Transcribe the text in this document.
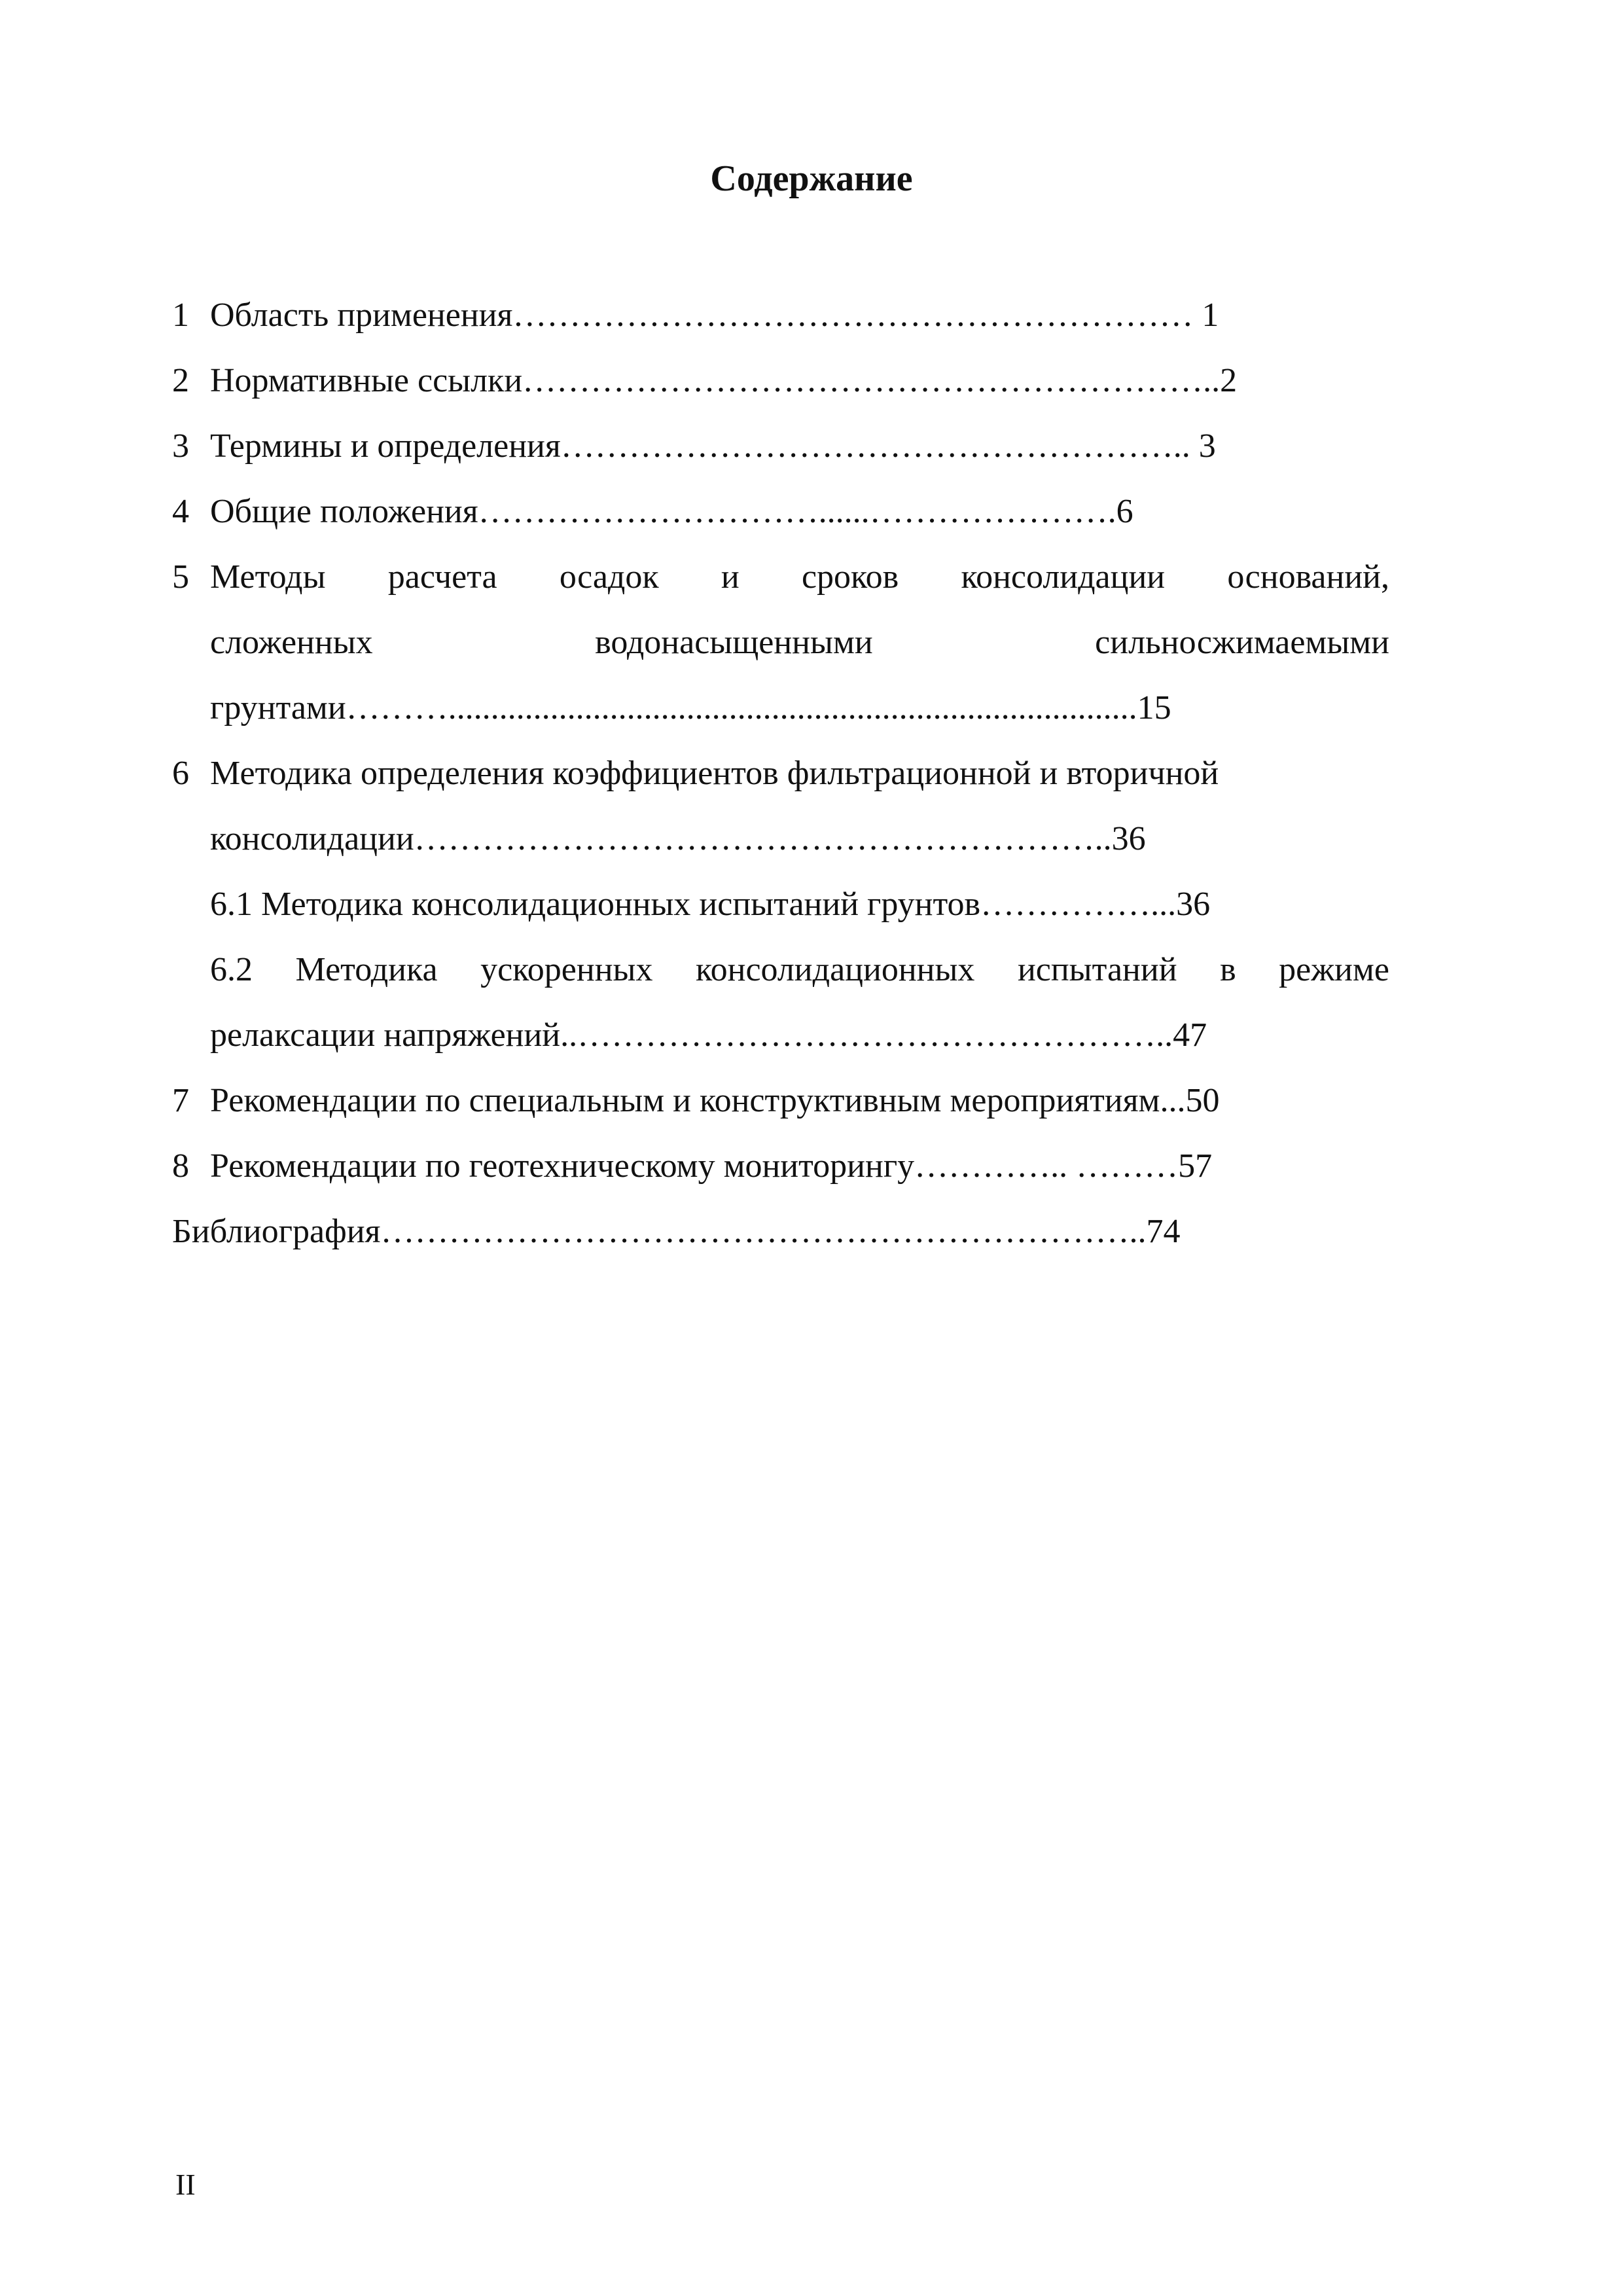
Содержание
1 Область применения…………………………………………………… 1
2 Нормативные ссылки……………………………………………………..2
3 Термины и определения……………………………………………….. 3
4 Общие положения…………………………......………………….6
5 Методы расчета осадок и сроков консолидации оснований,
сложенных водонасыщенными сильносжимаемыми
грунтами……….................................................................................15
6 Методика определения коэффициентов фильтрационной и вторичной
консолидации……………………………………………………..36
6.1 Методика консолидационных испытаний грунтов……………...36
6.2 Методика ускоренных консолидационных испытаний в режиме
релаксации напряжений..……………………………………………..47
7 Рекомендации по специальным и конструктивным мероприятиям...50
8 Рекомендации по геотехническому мониторингу………….. ………57
Библиография…………………………………………………………..74
II
